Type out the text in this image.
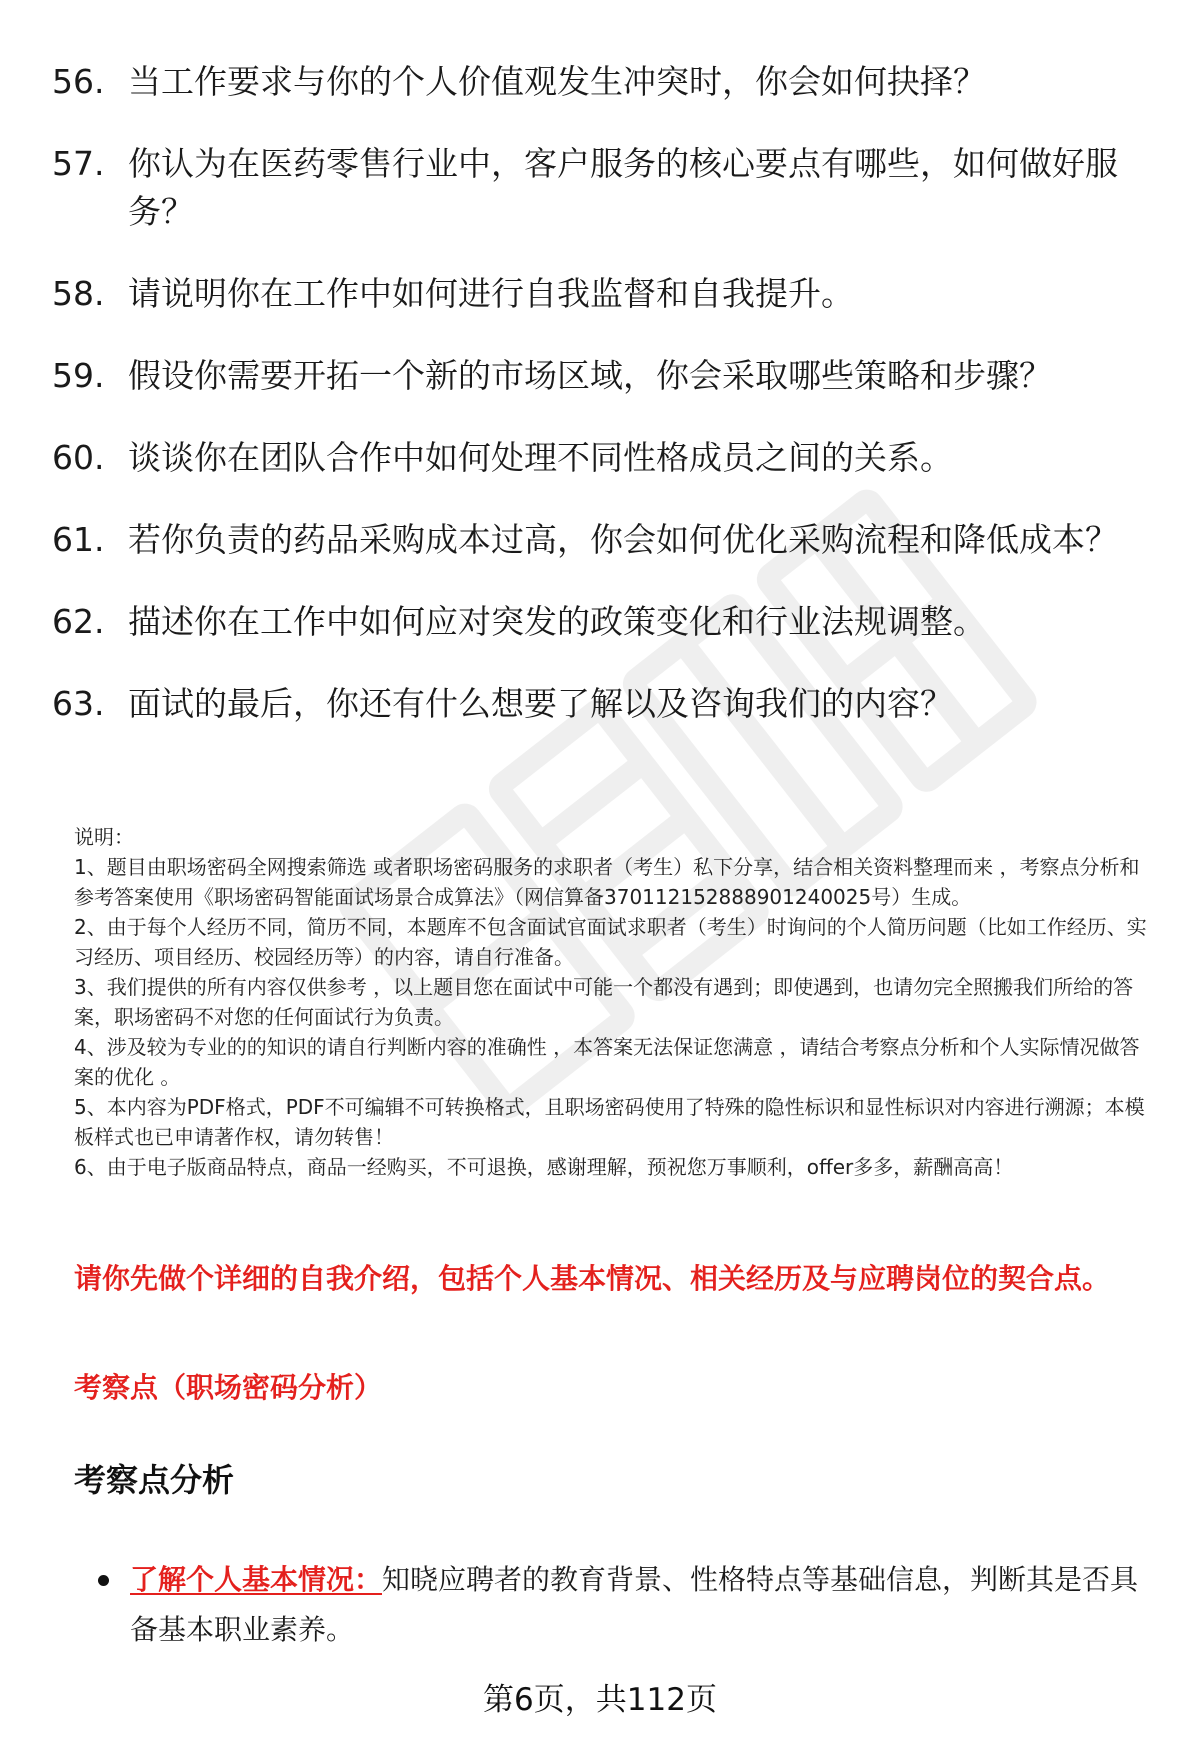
56. 当工作要求与你的个人价值观发生冲突时，你会如何抉择？
57. 你认为在医药零售行业中，客户服务的核心要点有哪些，如何做好服务？
58. 请说明你在工作中如何进行自我监督和自我提升。
59. 假设你需要开拓一个新的市场区域，你会采取哪些策略和步骤？
60. 谈谈你在团队合作中如何处理不同性格成员之间的关系。
61. 若你负责的药品采购成本过高，你会如何优化采购流程和降低成本？
62. 描述你在工作中如何应对突发的政策变化和行业法规调整。
63. 面试的最后，你还有什么想要了解以及咨询我们的内容？

说明：

1、题目由职场密码全网搜索筛选 或者职场密码服务的求职者（考生）私下分享，结合相关资料整理而来 ，考察点分析和参考答案使用《职场密码智能面试场景合成算法》（网信算备370112152888901240025号）生成。

2、由于每个人经历不同，简历不同，本题库不包含面试官面试求职者（考生）时询问的个人简历问题（比如工作经历、实习经历、项目经历、校园经历等）的内容，请自行准备。

3、我们提供的所有内容仅供参考 ，以上题目您在面试中可能一个都没有遇到；即使遇到，也请勿完全照搬我们所给的答案，职场密码不对您的任何面试行为负责。

4、涉及较为专业的的知识的请自行判断内容的准确性 ，本答案无法保证您满意 ，请结合考察点分析和个人实际情况做答案的优化 。

5、本内容为PDF格式，PDF不可编辑不可转换格式，且职场密码使用了特殊的隐性标识和显性标识对内容进行溯源；本模板样式也已申请著作权，请勿转售！

6、由于电子版商品特点，商品一经购买，不可退换，感谢理解，预祝您万事顺利，offer多多，薪酬高高！

请你先做个详细的自我介绍，包括个人基本情况、相关经历及与应聘岗位的契合点。

考察点（职场密码分析）

考察点分析
了解个人基本情况：知晓应聘者的教育背景、性格特点等基础信息，判断其是否具备基本职业素养。
第6页，共112页
